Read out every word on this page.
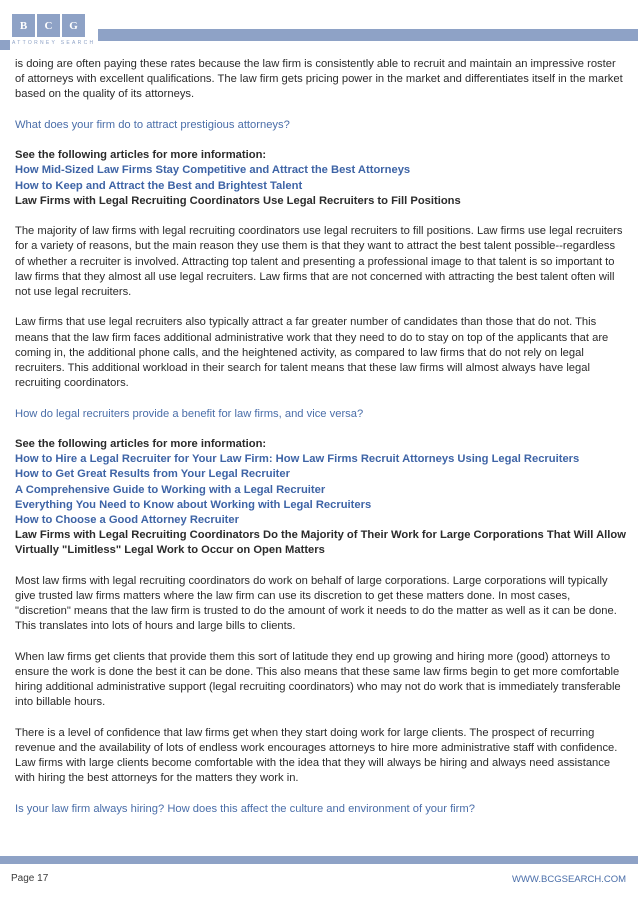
B	C	G
ATTORNEY SEARCH

is doing are often paying these rates because the law firm is consistently able to recruit and maintain an impressive roster of attorneys with excellent qualifications. The law firm gets pricing power in the market and differentiates itself in the market based on the quality of its attorneys.

What does your firm do to attract prestigious attorneys?

See the following articles for more information:
How Mid-Sized Law Firms Stay Competitive and Attract the Best Attorneys
How to Keep and Attract the Best and Brightest Talent
Law Firms with Legal Recruiting Coordinators Use Legal Recruiters to Fill Positions

The majority of law firms with legal recruiting coordinators use legal recruiters to fill positions. Law firms use legal recruiters for a variety of reasons, but the main reason they use them is that they want to attract the best talent possible--regardless of whether a recruiter is involved. Attracting top talent and presenting a professional image to that talent is so important to law firms that they almost all use legal recruiters. Law firms that are not concerned with attracting the best talent often will not use legal recruiters.

Law firms that use legal recruiters also typically attract a far greater number of candidates than those that do not. This means that the law firm faces additional administrative work that they need to do to stay on top of the applicants that are coming in, the additional phone calls, and the heightened activity, as compared to law firms that do not rely on legal recruiters. This additional workload in their search for talent means that these law firms will almost always have legal recruiting coordinators.

How do legal recruiters provide a benefit for law firms, and vice versa?

See the following articles for more information:
How to Hire a Legal Recruiter for Your Law Firm: How Law Firms Recruit Attorneys Using Legal Recruiters
How to Get Great Results from Your Legal Recruiter
A Comprehensive Guide to Working with a Legal Recruiter
Everything You Need to Know about Working with Legal Recruiters
How to Choose a Good Attorney Recruiter
Law Firms with Legal Recruiting Coordinators Do the Majority of Their Work for Large Corporations That Will Allow Virtually "Limitless" Legal Work to Occur on Open Matters

Most law firms with legal recruiting coordinators do work on behalf of large corporations. Large corporations will typically give trusted law firms matters where the law firm can use its discretion to get these matters done. In most cases, "discretion" means that the law firm is trusted to do the amount of work it needs to do the matter as well as it can be done. This translates into lots of hours and large bills to clients.

When law firms get clients that provide them this sort of latitude they end up growing and hiring more (good) attorneys to ensure the work is done the best it can be done. This also means that these same law firms begin to get more comfortable hiring additional administrative support (legal recruiting coordinators) who may not do work that is immediately transferable into billable hours.

There is a level of confidence that law firms get when they start doing work for large clients. The prospect of recurring revenue and the availability of lots of endless work encourages attorneys to hire more administrative staff with confidence. Law firms with large clients become comfortable with the idea that they will always be hiring and always need assistance with hiring the best attorneys for the matters they work in.

Is your law firm always hiring? How does this affect the culture and environment of your firm?

Page 17	WWW.BCGSEARCH.COM
